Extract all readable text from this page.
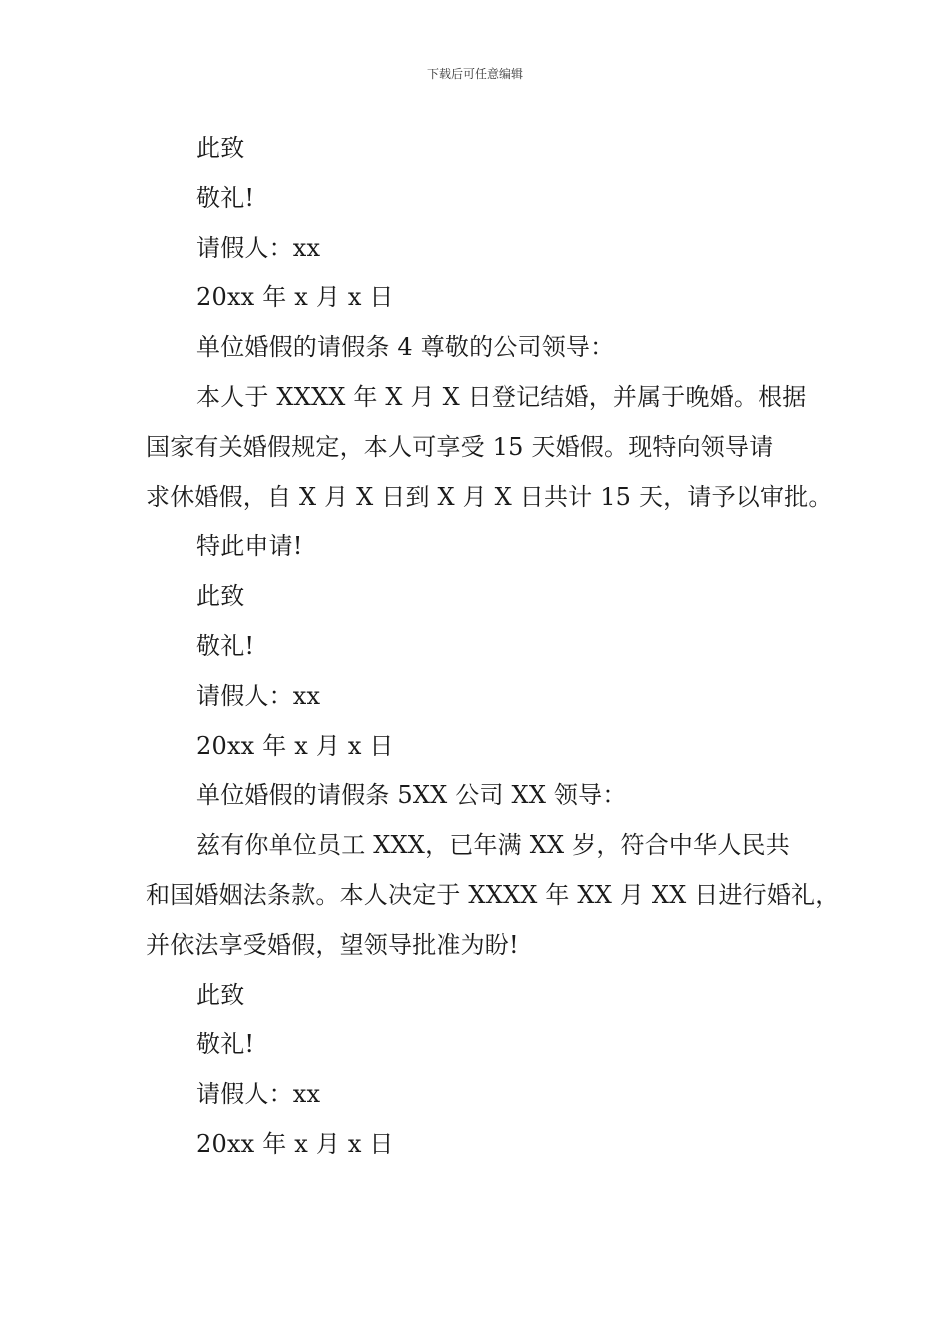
下载后可任意编辑
此致
敬礼!
请假人：xx
20xx 年 x 月 x 日
单位婚假的请假条 4 尊敬的公司领导：
本人于 XXXX 年 X 月 X 日登记结婚，并属于晚婚。根据
国家有关婚假规定，本人可享受 15 天婚假。现特向领导请
求休婚假，自 X 月 X 日到 X 月 X 日共计 15 天，请予以审批。
特此申请!
此致
敬礼!
请假人：xx
20xx 年 x 月 x 日
单位婚假的请假条 5XX 公司 XX 领导：
兹有你单位员工 XXX，已年满 XX 岁，符合中华人民共
和国婚姻法条款。本人决定于 XXXX 年 XX 月 XX 日进行婚礼，
并依法享受婚假，望领导批准为盼!
此致
敬礼!
请假人：xx
20xx 年 x 月 x 日
